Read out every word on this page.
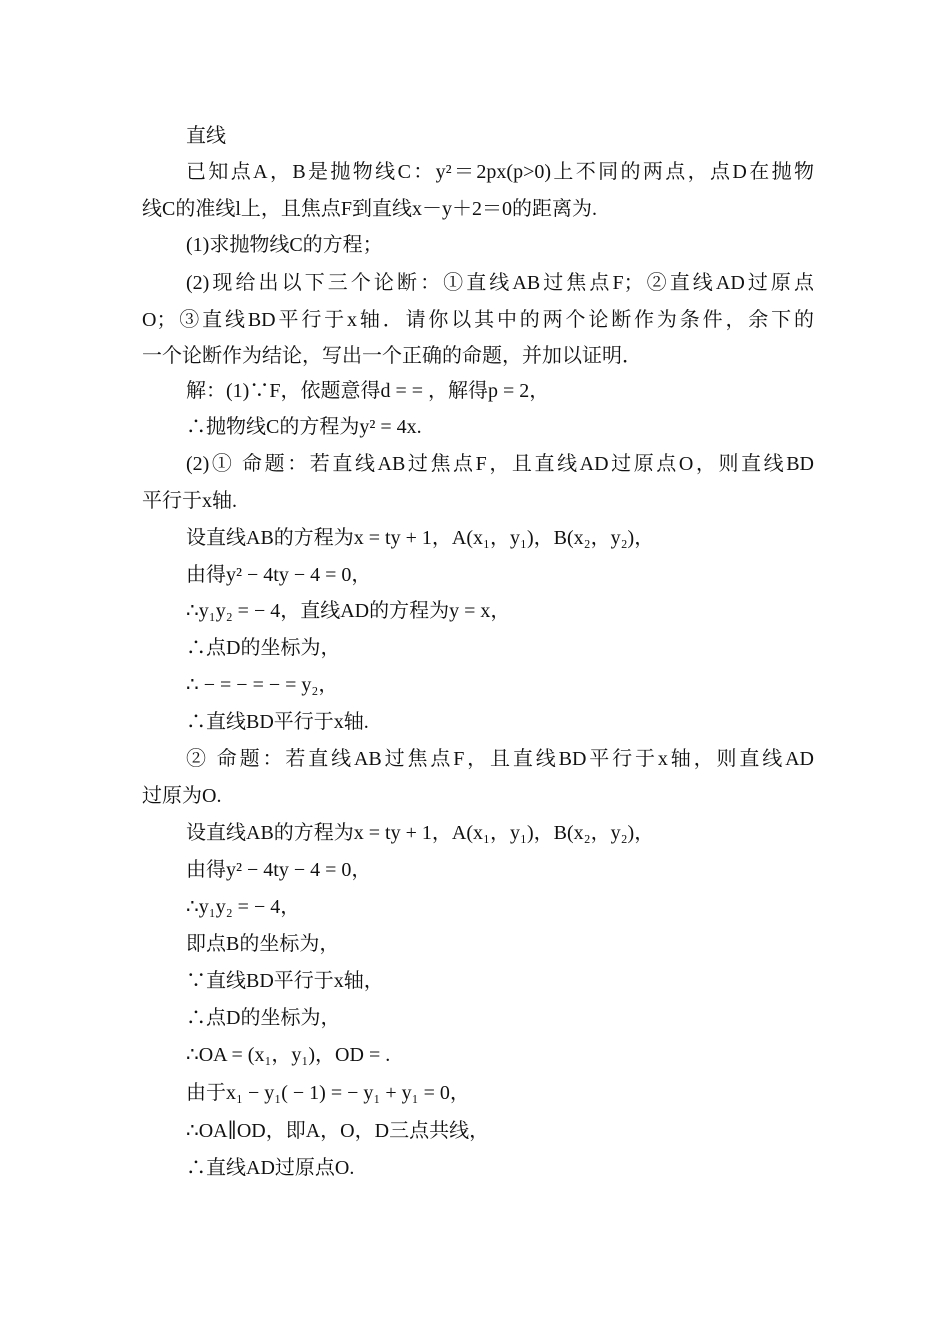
直线
已知点A，B是抛物线C：y²＝2px(p>0)上不同的两点，点D在抛物
线C的准线l上，且焦点F到直线x－y＋2＝0的距离为.
(1)求抛物线C的方程；
(2)现给出以下三个论断：①直线AB过焦点F；②直线AD过原点
O；③直线BD平行于x轴．请你以其中的两个论断作为条件，余下的
一个论断作为结论，写出一个正确的命题，并加以证明．
解：(1)∵F，依题意得d = = ，解得p = 2，
∴抛物线C的方程为y² = 4x.
(2)① 命题：若直线AB过焦点F，且直线AD过原点O，则直线BD
平行于x轴.
设直线AB的方程为x = ty + 1，A(x₁，y₁)，B(x₂，y₂)，
由得y² − 4ty − 4 = 0，
∴y₁y₂ = − 4，直线AD的方程为y = x，
∴点D的坐标为，
∴ − = − = − = y₂，
∴直线BD平行于x轴.
② 命题：若直线AB过焦点F，且直线BD平行于x轴，则直线AD
过原为O.
设直线AB的方程为x = ty + 1，A(x₁，y₁)，B(x₂，y₂)，
由得y² − 4ty − 4 = 0，
∴y₁y₂ = − 4，
即点B的坐标为，
∵直线BD平行于x轴，
∴点D的坐标为，
∴OA = (x₁，y₁)，OD = .
由于x₁ − y₁( − 1) = − y₁ + y₁ = 0，
∴OA∥OD，即A，O，D三点共线，
∴直线AD过原点O.
